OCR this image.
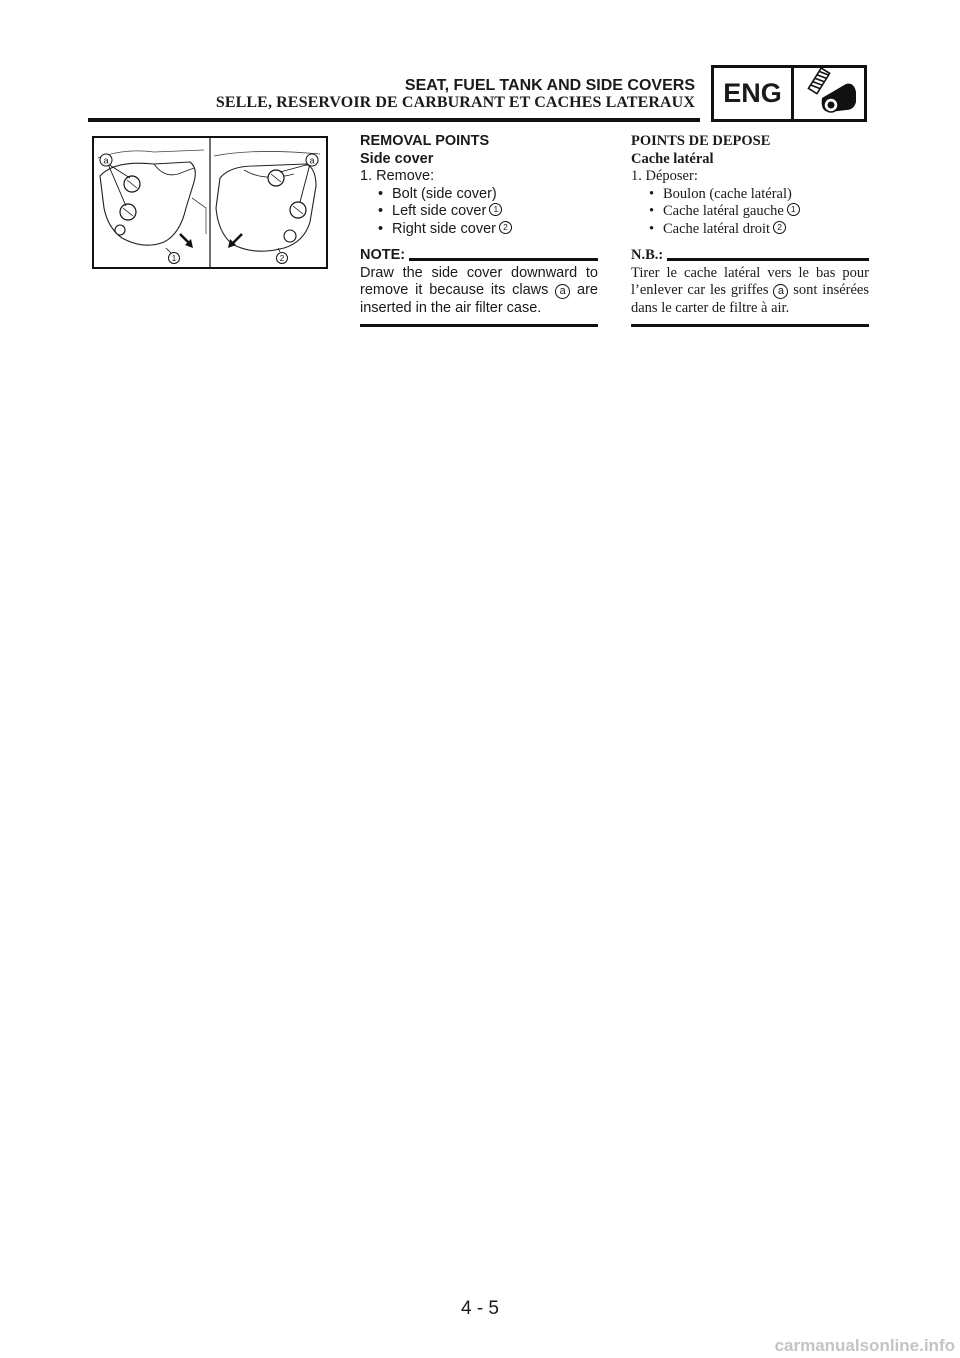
SEAT, FUEL TANK AND SIDE COVERS
SELLE, RESERVOIR DE CARBURANT ET CACHES LATERAUX	ENG
a
1
a
2
REMOVAL POINTS
Side cover
1. Remove:
• Bolt (side cover)
• Left side cover 1
• Right side cover 2
NOTE:
Draw the side cover downward to remove it because its claws a are inserted in the air filter case.
POINTS DE DEPOSE
Cache latéral
1. Déposer:
• Boulon (cache latéral)
• Cache latéral gauche 1
• Cache latéral droit 2
N.B.:
Tirer le cache latéral vers le bas pour l’enlever car les griffes a sont insérées dans le carter de filtre à air.
4 - 5
carmanualsonline.info
